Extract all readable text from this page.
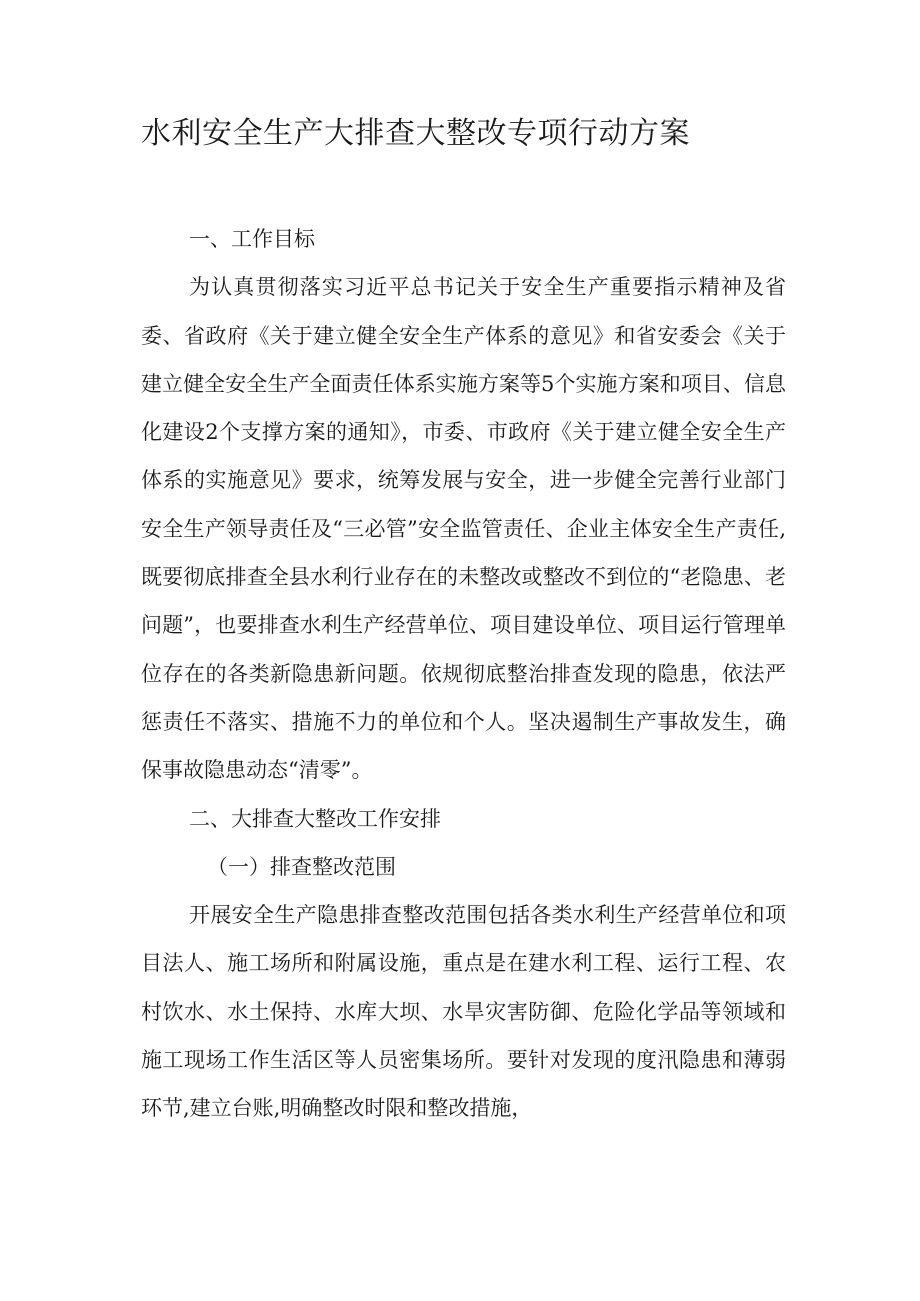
水利安全生产大排查大整改专项行动方案

一、工作目标

为认真贯彻落实习近平总书记关于安全生产重要指示精神及省委、省政府《关于建立健全安全生产体系的意见》和省安委会《关于建立健全安全生产全面责任体系实施方案等5个实施方案和项目、信息化建设2个支撑方案的通知》，市委、市政府《关于建立健全安全生产体系的实施意见》要求，统筹发展与安全，进一步健全完善行业部门安全生产领导责任及“三必管”安全监管责任、企业主体安全生产责任,既要彻底排查全县水利行业存在的未整改或整改不到位的“老隐患、老问题”，也要排查水利生产经营单位、项目建设单位、项目运行管理单位存在的各类新隐患新问题。依规彻底整治排查发现的隐患，依法严惩责任不落实、措施不力的单位和个人。坚决遏制生产事故发生，确保事故隐患动态“清零”。

二、大排查大整改工作安排

（一）排查整改范围

开展安全生产隐患排查整改范围包括各类水利生产经营单位和项目法人、施工场所和附属设施，重点是在建水利工程、运行工程、农村饮水、水土保持、水库大坝、水旱灾害防御、危险化学品等领域和施工现场工作生活区等人员密集场所。要针对发现的度汛隐患和薄弱环节,建立台账,明确整改时限和整改措施，
